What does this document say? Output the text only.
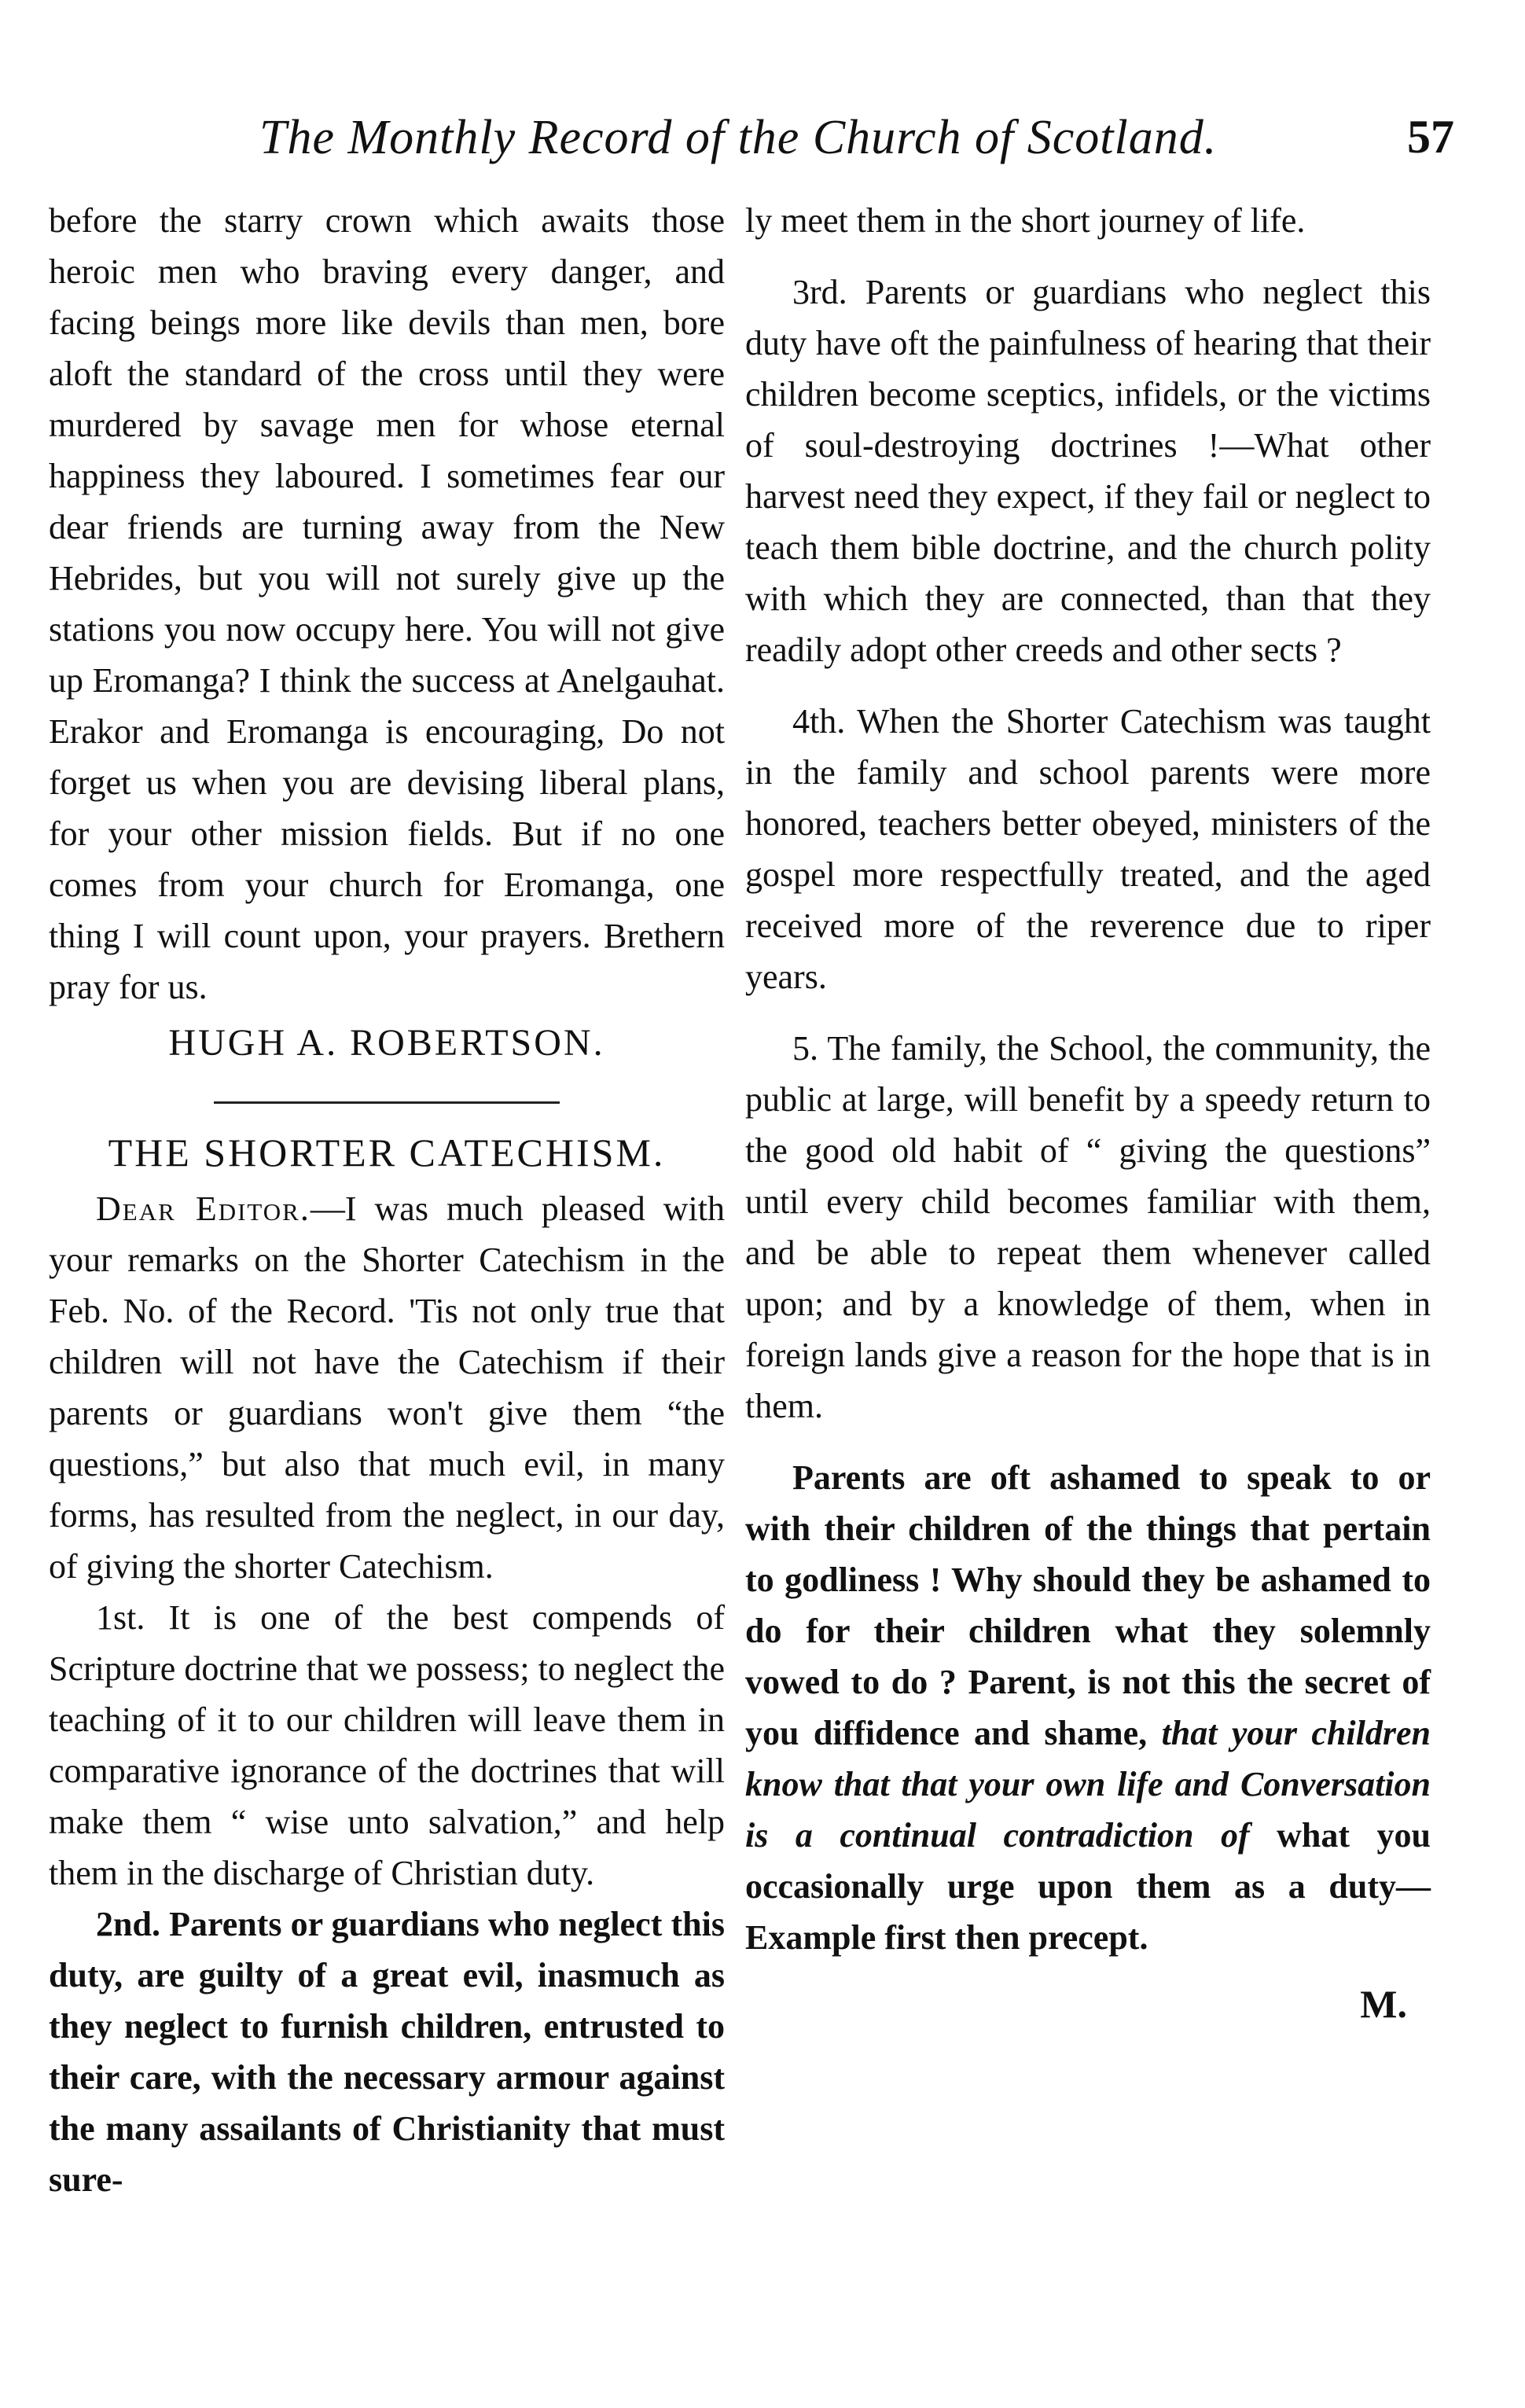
The Monthly Record of the Church of Scotland.	57

before the starry crown which awaits those heroic men who braving every danger, and facing beings more like devils than men, bore aloft the standard of the cross until they were murdered by savage men for whose eternal happiness they laboured. I sometimes fear our dear friends are turning away from the New Hebrides, but you will not surely give up the stations you now occupy here. You will not give up Eromanga? I think the success at Anelgauhat. Erakor and Eromanga is encouraging, Do not forget us when you are devising liberal plans, for your other mission fields. But if no one comes from your church for Eromanga, one thing I will count upon, your prayers. Brethern pray for us.

HUGH A. ROBERTSON.

THE SHORTER CATECHISM.

Dear Editor.—I was much pleased with your remarks on the Shorter Catechism in the Feb. No. of the Record. 'Tis not only true that children will not have the Catechism if their parents or guardians won't give them “the questions,” but also that much evil, in many forms, has resulted from the neglect, in our day, of giving the shorter Catechism.

1st. It is one of the best compends of Scripture doctrine that we possess; to neglect the teaching of it to our children will leave them in comparative ignorance of the doctrines that will make them “ wise unto salvation,” and help them in the discharge of Christian duty.

2nd. Parents or guardians who neglect this duty, are guilty of a great evil, inasmuch as they neglect to furnish children, entrusted to their care, with the necessary armour against the many assailants of Christianity that must sure-

ly meet them in the short journey of life.

3rd. Parents or guardians who neglect this duty have oft the painfulness of hearing that their children become sceptics, infidels, or the victims of soul-destroying doctrines !—What other harvest need they expect, if they fail or neglect to teach them bible doctrine, and the church polity with which they are connected, than that they readily adopt other creeds and other sects ?

4th. When the Shorter Catechism was taught in the family and school parents were more honored, teachers better obeyed, ministers of the gospel more respectfully treated, and the aged received more of the reverence due to riper years.

5. The family, the School, the community, the public at large, will benefit by a speedy return to the good old habit of “ giving the questions” until every child becomes familiar with them, and be able to repeat them whenever called upon; and by a knowledge of them, when in foreign lands give a reason for the hope that is in them.

Parents are oft ashamed to speak to or with their children of the things that pertain to godliness ! Why should they be ashamed to do for their children what they solemnly vowed to do ? Parent, is not this the secret of you diffidence and shame, that your children know that that your own life and Conversation is a continual contradiction of what you occasionally urge upon them as a duty— Example first then precept.

M.
